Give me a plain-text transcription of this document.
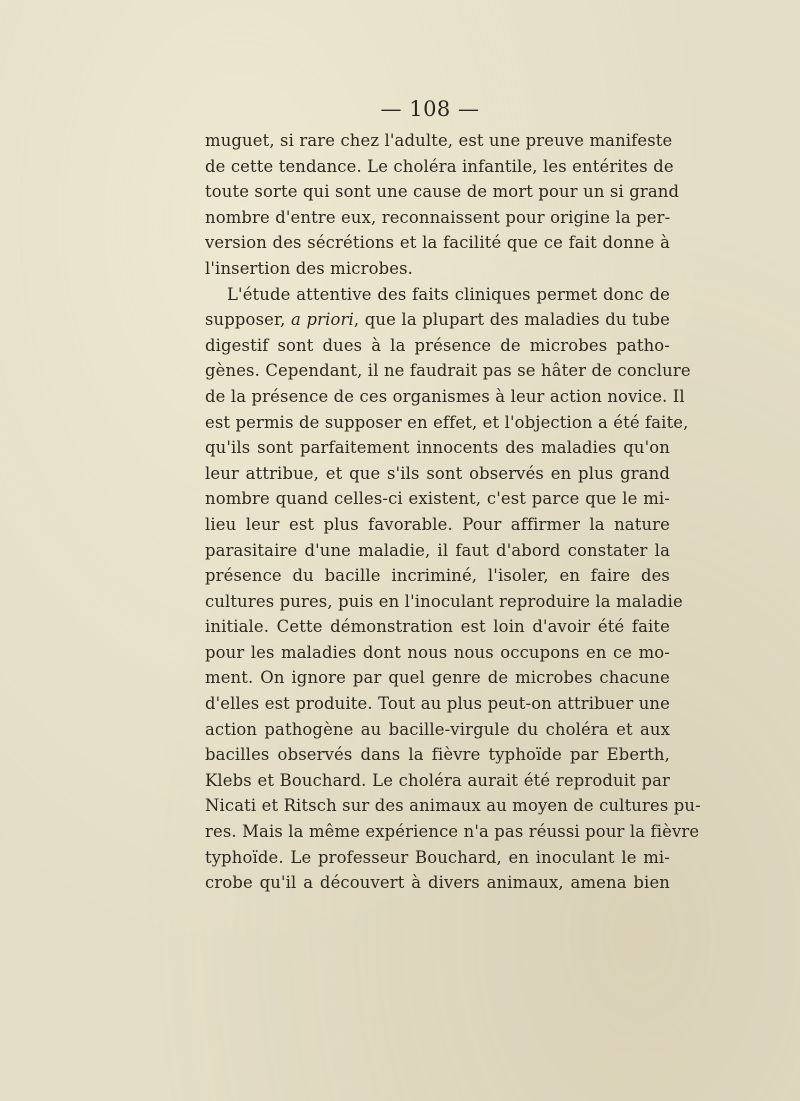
— 108 —
muguet, si rare chez l'adulte, est une preuve manifeste
de cette tendance. Le choléra infantile, les entérites de
toute sorte qui sont une cause de mort pour un si grand
nombre d'entre eux, reconnaissent pour origine la per-
version des sécrétions et la facilité que ce fait donne à
l'insertion des microbes.
L'étude attentive des faits cliniques permet donc de
supposer, a priori, que la plupart des maladies du tube
digestif sont dues à la présence de microbes patho-
gènes. Cependant, il ne faudrait pas se hâter de conclure
de la présence de ces organismes à leur action novice. Il
est permis de supposer en effet, et l'objection a été faite,
qu'ils sont parfaitement innocents des maladies qu'on
leur attribue, et que s'ils sont observés en plus grand
nombre quand celles-ci existent, c'est parce que le mi-
lieu leur est plus favorable. Pour affirmer la nature
parasitaire d'une maladie, il faut d'abord constater la
présence du bacille incriminé, l'isoler, en faire des
cultures pures, puis en l'inoculant reproduire la maladie
initiale. Cette démonstration est loin d'avoir été faite
pour les maladies dont nous nous occupons en ce mo-
ment. On ignore par quel genre de microbes chacune
d'elles est produite. Tout au plus peut-on attribuer une
action pathogène au bacille-virgule du choléra et aux
bacilles observés dans la fièvre typhoïde par Eberth,
Klebs et Bouchard. Le choléra aurait été reproduit par
Nicati et Ritsch sur des animaux au moyen de cultures pu-
res. Mais la même expérience n'a pas réussi pour la fièvre
typhoïde. Le professeur Bouchard, en inoculant le mi-
crobe qu'il a découvert à divers animaux, amena bien
